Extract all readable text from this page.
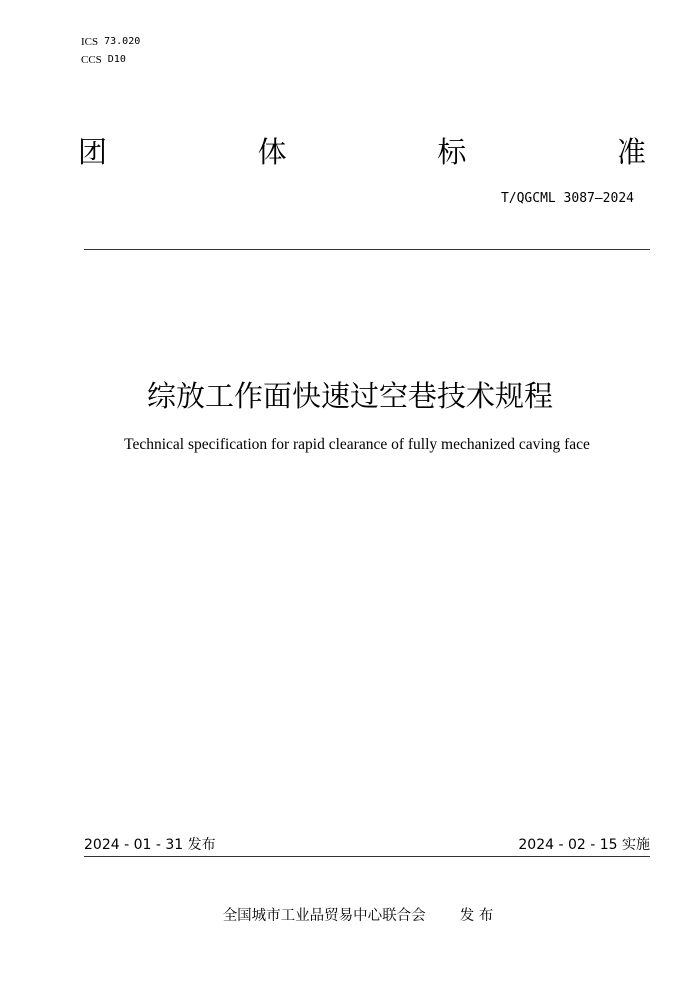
ICS 73.020
CCS D10
团	体	标	准
T/QGCML 3087—2024
综放工作面快速过空巷技术规程
Technical specification for rapid clearance of fully mechanized caving face
2024 - 01 - 31 发布	2024 - 02 - 15 实施
全国城市工业品贸易中心联合会 发 布
